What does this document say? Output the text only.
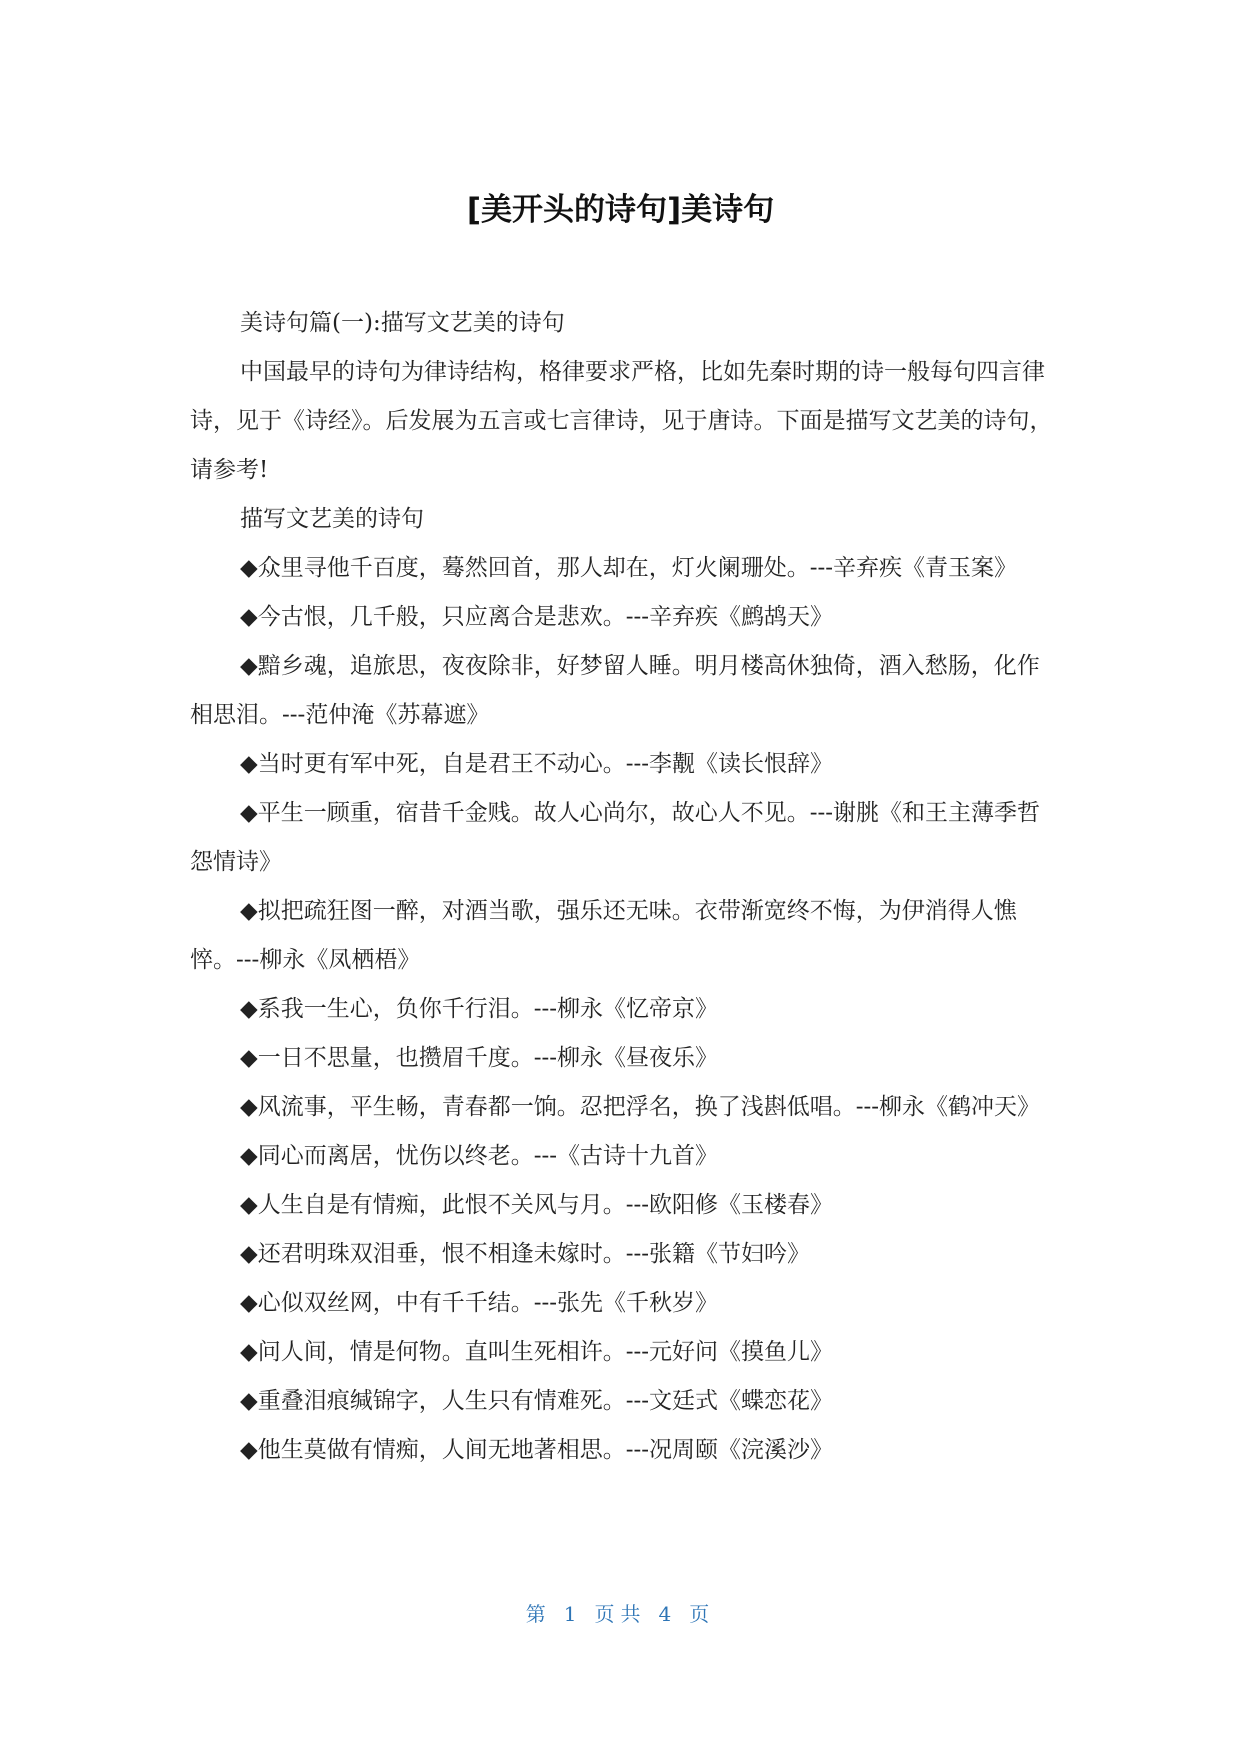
[美开头的诗句]美诗句

美诗句篇(一):描写文艺美的诗句

中国最早的诗句为律诗结构，格律要求严格，比如先秦时期的诗一般每句四言律诗，见于《诗经》。后发展为五言或七言律诗，见于唐诗。下面是描写文艺美的诗句，请参考!

描写文艺美的诗句

◆众里寻他千百度，蓦然回首，那人却在，灯火阑珊处。---辛弃疾《青玉案》

◆今古恨，几千般，只应离合是悲欢。---辛弃疾《鹧鸪天》

◆黯乡魂，追旅思，夜夜除非，好梦留人睡。明月楼高休独倚，酒入愁肠，化作相思泪。---范仲淹《苏幕遮》

◆当时更有军中死，自是君王不动心。---李觏《读长恨辞》

◆平生一顾重，宿昔千金贱。故人心尚尔，故心人不见。---谢朓《和王主薄季哲怨情诗》

◆拟把疏狂图一醉，对酒当歌，强乐还无味。衣带渐宽终不悔，为伊消得人憔悴。---柳永《凤栖梧》

◆系我一生心，负你千行泪。---柳永《忆帝京》

◆一日不思量，也攒眉千度。---柳永《昼夜乐》

◆风流事，平生畅，青春都一饷。忍把浮名，换了浅斟低唱。---柳永《鹤冲天》

◆同心而离居，忧伤以终老。---《古诗十九首》

◆人生自是有情痴，此恨不关风与月。---欧阳修《玉楼春》

◆还君明珠双泪垂，恨不相逢未嫁时。---张籍《节妇吟》

◆心似双丝网，中有千千结。---张先《千秋岁》

◆问人间，情是何物。直叫生死相许。---元好问《摸鱼儿》

◆重叠泪痕缄锦字，人生只有情难死。---文廷式《蝶恋花》

◆他生莫做有情痴，人间无地著相思。---况周颐《浣溪沙》

第 1 页共 4 页
